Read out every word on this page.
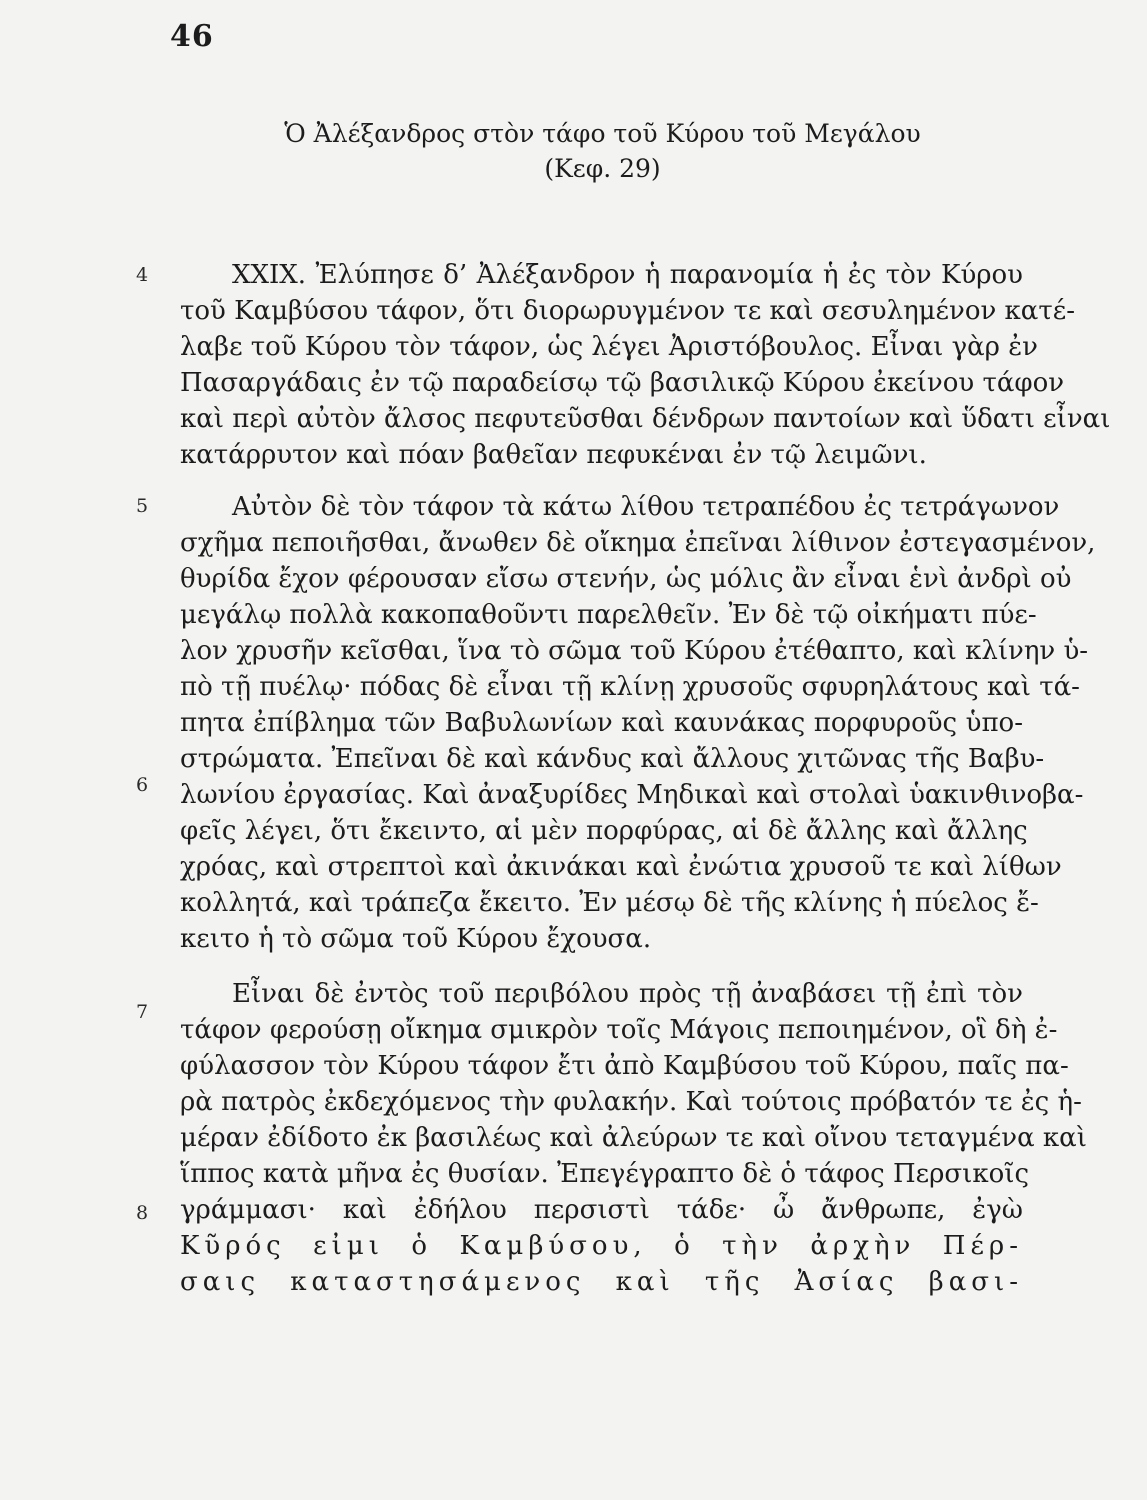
46
Ὁ Ἀλέξανδρος στὸν τάφο τοῦ Κύρου τοῦ Μεγάλου
(Κεφ. 29)
4
5
6
7
8
XXIX. Ἐλύπησε δ’ Ἀλέξανδρον ἡ παρανομία ἡ ἐς τὸν Κύρου
τοῦ Καμβύσου τάφον, ὅτι διορωρυγμένον τε καὶ σεσυλημένον κατέ-
λαβε τοῦ Κύρου τὸν τάφον, ὡς λέγει Ἀριστόβουλος. Εἶναι γὰρ ἐν
Πασαργάδαις ἐν τῷ παραδείσῳ τῷ βασιλικῷ Κύρου ἐκείνου τάφον
καὶ περὶ αὐτὸν ἄλσος πεφυτεῦσθαι δένδρων παντοίων καὶ ὕδατι εἶναι
κατάρρυτον καὶ πόαν βαθεῖαν πεφυκέναι ἐν τῷ λειμῶνι.
Αὐτὸν δὲ τὸν τάφον τὰ κάτω λίθου τετραπέδου ἐς τετράγωνον
σχῆμα πεποιῆσθαι, ἄνωθεν δὲ οἴκημα ἐπεῖναι λίθινον ἐστεγασμένον,
θυρίδα ἔχον φέρουσαν εἴσω στενήν, ὡς μόλις ἂν εἶναι ἑνὶ ἀνδρὶ οὐ
μεγάλῳ πολλὰ κακοπαθοῦντι παρελθεῖν. Ἐν δὲ τῷ οἰκήματι πύε-
λον χρυσῆν κεῖσθαι, ἵνα τὸ σῶμα τοῦ Κύρου ἐτέθαπτο, καὶ κλίνην ὑ-
πὸ τῇ πυέλῳ· πόδας δὲ εἶναι τῇ κλίνῃ χρυσοῦς σφυρηλάτους καὶ τά-
πητα ἐπίβλημα τῶν Βαβυλωνίων καὶ καυνάκας πορφυροῦς ὑπο-
στρώματα. Ἐπεῖναι δὲ καὶ κάνδυς καὶ ἄλλους χιτῶνας τῆς Βαβυ-
λωνίου ἐργασίας. Καὶ ἀναξυρίδες Μηδικαὶ καὶ στολαὶ ὑακινθινοβα-
φεῖς λέγει, ὅτι ἔκειντο, αἱ μὲν πορφύρας, αἱ δὲ ἄλλης καὶ ἄλλης
χρόας, καὶ στρεπτοὶ καὶ ἀκινάκαι καὶ ἐνώτια χρυσοῦ τε καὶ λίθων
κολλητά, καὶ τράπεζα ἔκειτο. Ἐν μέσῳ δὲ τῆς κλίνης ἡ πύελος ἔ-
κειτο ἡ τὸ σῶμα τοῦ Κύρου ἔχουσα.
Εἶναι δὲ ἐντὸς τοῦ περιβόλου πρὸς τῇ ἀναβάσει τῇ ἐπὶ τὸν
τάφον φερούσῃ οἴκημα σμικρὸν τοῖς Μάγοις πεποιημένον, οἳ δὴ ἐ-
φύλασσον τὸν Κύρου τάφον ἔτι ἀπὸ Καμβύσου τοῦ Κύρου, παῖς πα-
ρὰ πατρὸς ἐκδεχόμενος τὴν φυλακήν. Καὶ τούτοις πρόβατόν τε ἐς ἡ-
μέραν ἐδίδοτο ἐκ βασιλέως καὶ ἀλεύρων τε καὶ οἴνου τεταγμένα καὶ
ἵππος κατὰ μῆνα ἐς θυσίαν. Ἐπεγέγραπτο δὲ ὁ τάφος Περσικοῖς
γράμμασι· καὶ ἐδήλου περσιστὶ τάδε· ὦ ἄνθρωπε, ἐγὼ
Κῦρός εἰμι ὁ Καμβύσου, ὁ τὴν ἀρχὴν Πέρ-
σαις καταστησάμενος καὶ τῆς Ἀσίας βασι-
